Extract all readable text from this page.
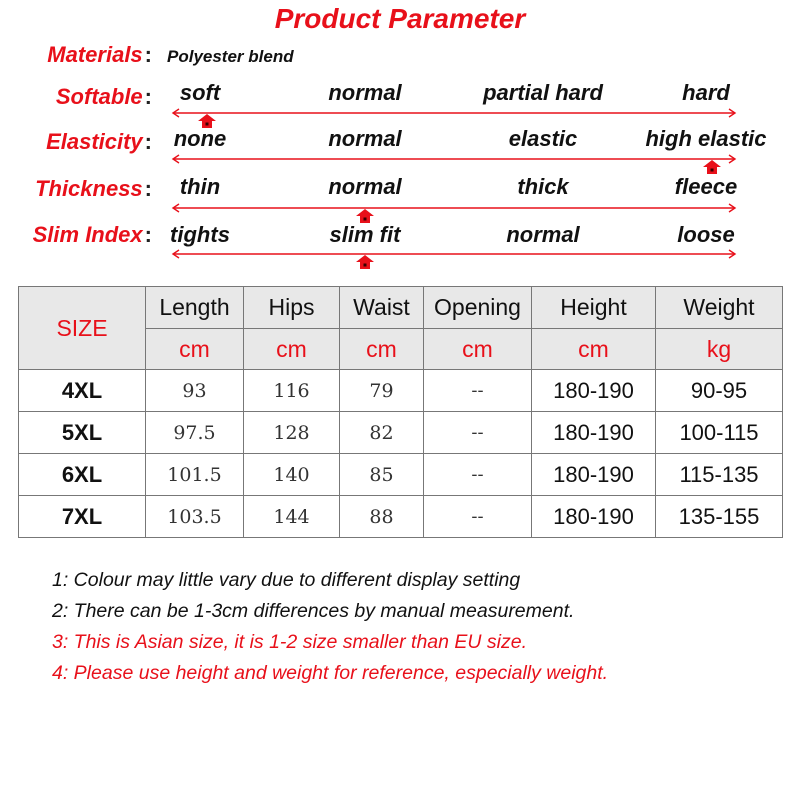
Product Parameter
Materials: Polyester blend
Softable: soft	normal	partial hard	hard
Elasticity: none	normal	elastic	high elastic
Thickness: thin	normal	thick	fleece
Slim Index: tights	slim fit	normal	loose
SIZE	Length	Hips	Waist	Opening	Height	Weight
	cm	cm	cm	cm	cm	kg
4XL	93	116	79	--	180-190	90-95
5XL	97.5	128	82	--	180-190	100-115
6XL	101.5	140	85	--	180-190	115-135
7XL	103.5	144	88	--	180-190	135-155
1: Colour may little vary due to different display setting
2: There can be 1-3cm differences by manual measurement.
3: This is Asian size, it is 1-2 size smaller than EU size.
4: Please use height and weight for reference, especially weight.
